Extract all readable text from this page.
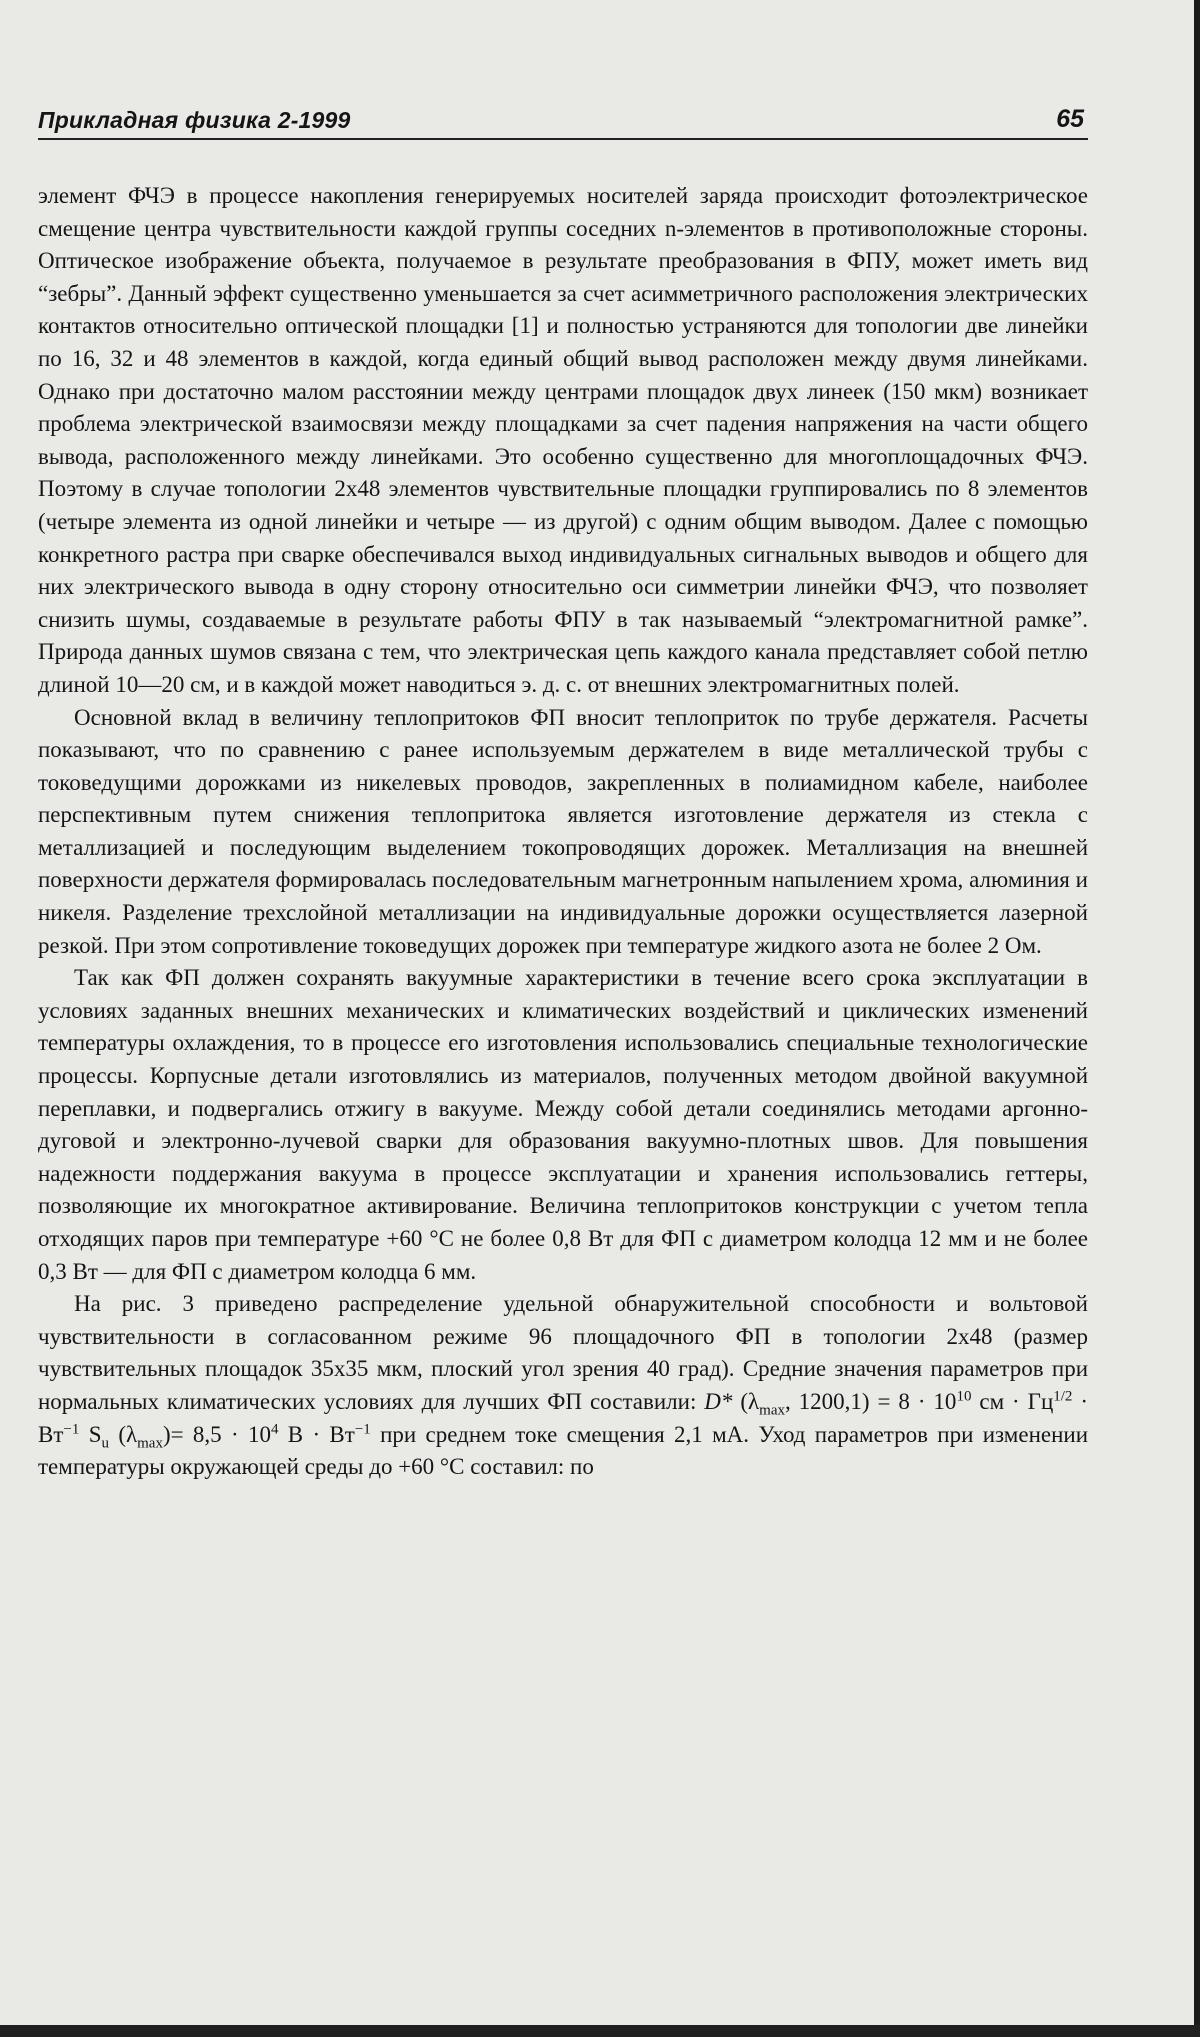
Прикладная физика 2-1999	65

элемент ФЧЭ в процессе накопления генерируемых носителей заряда происходит фотоэлектрическое смещение центра чувствительности каждой группы соседних n-элементов в противоположные стороны. Оптическое изображение объекта, получаемое в результате преобразования в ФПУ, может иметь вид “зебры”. Данный эффект существенно уменьшается за счет асимметричного расположения электрических контактов относительно оптической площадки [1] и полностью устраняются для топологии две линейки по 16, 32 и 48 элементов в каждой, когда единый общий вывод расположен между двумя линейками. Однако при достаточно малом расстоянии между центрами площадок двух линеек (150 мкм) возникает проблема электрической взаимосвязи между площадками за счет падения напряжения на части общего вывода, расположенного между линейками. Это особенно существенно для многоплощадочных ФЧЭ. Поэтому в случае топологии 2х48 элементов чувствительные площадки группировались по 8 элементов (четыре элемента из одной линейки и четыре — из другой) с одним общим выводом. Далее с помощью конкретного растра при сварке обеспечивался выход индивидуальных сигнальных выводов и общего для них электрического вывода в одну сторону относительно оси симметрии линейки ФЧЭ, что позволяет снизить шумы, создаваемые в результате работы ФПУ в так называемый “электромагнитной рамке”. Природа данных шумов связана с тем, что электрическая цепь каждого канала представляет собой петлю длиной 10—20 см, и в каждой может наводиться э. д. с. от внешних электромагнитных полей.

Основной вклад в величину теплопритоков ФП вносит теплоприток по трубе держателя. Расчеты показывают, что по сравнению с ранее используемым держателем в виде металлической трубы с токоведущими дорожками из никелевых проводов, закрепленных в полиамидном кабеле, наиболее перспективным путем снижения теплопритока является изготовление держателя из стекла с металлизацией и последующим выделением токопроводящих дорожек. Металлизация на внешней поверхности держателя формировалась последовательным магнетронным напылением хрома, алюминия и никеля. Разделение трехслойной металлизации на индивидуальные дорожки осуществляется лазерной резкой. При этом сопротивление токоведущих дорожек при температуре жидкого азота не более 2 Ом.

Так как ФП должен сохранять вакуумные характеристики в течение всего срока эксплуатации в условиях заданных внешних механических и климатических воздействий и циклических изменений температуры охлаждения, то в процессе его изготовления использовались специальные технологические процессы. Корпусные детали изготовлялись из материалов, полученных методом двойной вакуумной переплавки, и подвергались отжигу в вакууме. Между собой детали соединялись методами аргонно-дуговой и электронно-лучевой сварки для образования вакуумно-плотных швов. Для повышения надежности поддержания вакуума в процессе эксплуатации и хранения использовались геттеры, позволяющие их многократное активирование. Величина теплопритоков конструкции с учетом тепла отходящих паров при температуре +60 °С не более 0,8 Вт для ФП с диаметром колодца 12 мм и не более 0,3 Вт — для ФП с диаметром колодца 6 мм.

На рис. 3 приведено распределение удельной обнаружительной способности и вольтовой чувствительности в согласованном режиме 96 площадочного ФП в топологии 2х48 (размер чувствительных площадок 35х35 мкм, плоский угол зрения 40 град). Средние значения параметров при нормальных климатических условиях для лучших ФП составили: D* ($\lambda_{max}$, $1200,1) = 8 \cdot 10^{10}$ см · $Гц^{1/2} \cdot Вт^{-1}$ $S_u$ $(\lambda_{max})= 8,5 \cdot 10^4$ $В \cdot Вт^{-1}$ при среднем токе смещения 2,1 мА. Уход параметров при изменении температуры окружающей среды до +60 °С составил: по
